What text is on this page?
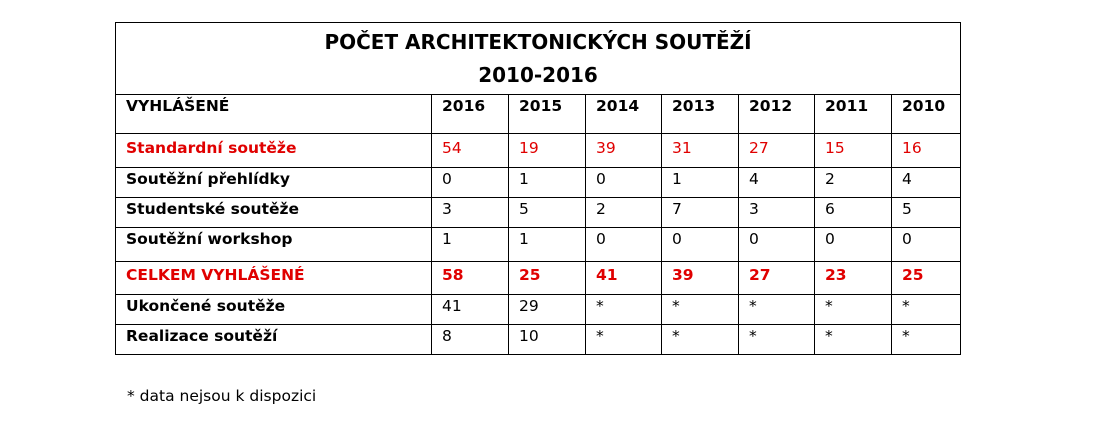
POČET ARCHITEKTONICKÝCH SOUTĚŽÍ
2010-2016							

VYHLÁŠENÉ	2016	2015	2014	2013	2012	2011	2010
Standardní soutěže	54	19	39	31	27	15	16
Soutěžní přehlídky	0	1	0	1	4	2	4
Studentské soutěže	3	5	2	7	3	6	5
Soutěžní workshop	1	1	0	0	0	0	0
CELKEM VYHLÁŠENÉ	58	25	41	39	27	23	25
Ukončené soutěže	41	29	*	*	*	*	*
Realizace soutěží	8	10	*	*	*	*	*
* data nejsou k dispozici
